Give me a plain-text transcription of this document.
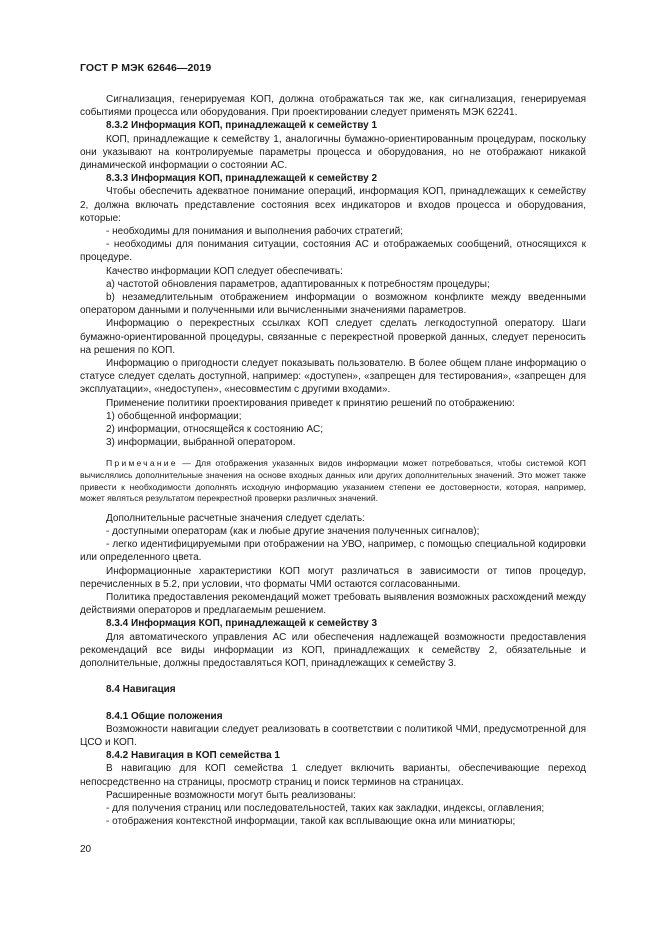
ГОСТ Р МЭК 62646—2019

Сигнализация, генерируемая КОП, должна отображаться так же, как сигнализация, генерируемая событиями процесса или оборудования. При проектировании следует применять МЭК 62241.

8.3.2 Информация КОП, принадлежащей к семейству 1

КОП, принадлежащие к семейству 1, аналогичны бумажно-ориентированным процедурам, поскольку они указывают на контролируемые параметры процесса и оборудования, но не отображают никакой динамической информации о состоянии АС.

8.3.3 Информация КОП, принадлежащей к семейству 2

Чтобы обеспечить адекватное понимание операций, информация КОП, принадлежащих к семейству 2, должна включать представление состояния всех индикаторов и входов процесса и оборудования, которые:

- необходимы для понимания и выполнения рабочих стратегий;

- необходимы для понимания ситуации, состояния АС и отображаемых сообщений, относящихся к процедуре.

Качество информации КОП следует обеспечивать:

a) частотой обновления параметров, адаптированных к потребностям процедуры;

b) незамедлительным отображением информации о возможном конфликте между введенными оператором данными и полученными или вычисленными значениями параметров.

Информацию о перекрестных ссылках КОП следует сделать легкодоступной оператору. Шаги бумажно-ориентированной процедуры, связанные с перекрестной проверкой данных, следует переносить на решения по КОП.

Информацию о пригодности следует показывать пользователю. В более общем плане информацию о статусе следует сделать доступной, например: «доступен», «запрещен для тестирования», «запрещен для эксплуатации», «недоступен», «несовместим с другими входами».

Применение политики проектирования приведет к принятию решений по отображению:

1) обобщенной информации;

2) информации, относящейся к состоянию АС;

3) информации, выбранной оператором.

Примечание — Для отображения указанных видов информации может потребоваться, чтобы системой КОП вычислялись дополнительные значения на основе входных данных или других дополнительных значений. Это может также привести к необходимости дополнять исходную информацию указанием степени ее достоверности, которая, например, может являться результатом перекрестной проверки различных значений.

Дополнительные расчетные значения следует сделать:

- доступными операторам (как и любые другие значения полученных сигналов);

- легко идентифицируемыми при отображении на УВО, например, с помощью специальной кодировки или определенного цвета.

Информационные характеристики КОП могут различаться в зависимости от типов процедур, перечисленных в 5.2, при условии, что форматы ЧМИ остаются согласованными.

Политика предоставления рекомендаций может требовать выявления возможных расхождений между действиями операторов и предлагаемым решением.

8.3.4 Информация КОП, принадлежащей к семейству 3

Для автоматического управления АС или обеспечения надлежащей возможности предоставления рекомендаций все виды информации из КОП, принадлежащих к семейству 2, обязательные и дополнительные, должны предоставляться КОП, принадлежащих к семейству 3.

8.4 Навигация

8.4.1 Общие положения

Возможности навигации следует реализовать в соответствии с политикой ЧМИ, предусмотренной для ЦСО и КОП.

8.4.2 Навигация в КОП семейства 1

В навигацию для КОП семейства 1 следует включить варианты, обеспечивающие переход непосредственно на страницы, просмотр страниц и поиск терминов на страницах.

Расширенные возможности могут быть реализованы:

- для получения страниц или последовательностей, таких как закладки, индексы, оглавления;

- отображения контекстной информации, такой как всплывающие окна или миниатюры;

20
